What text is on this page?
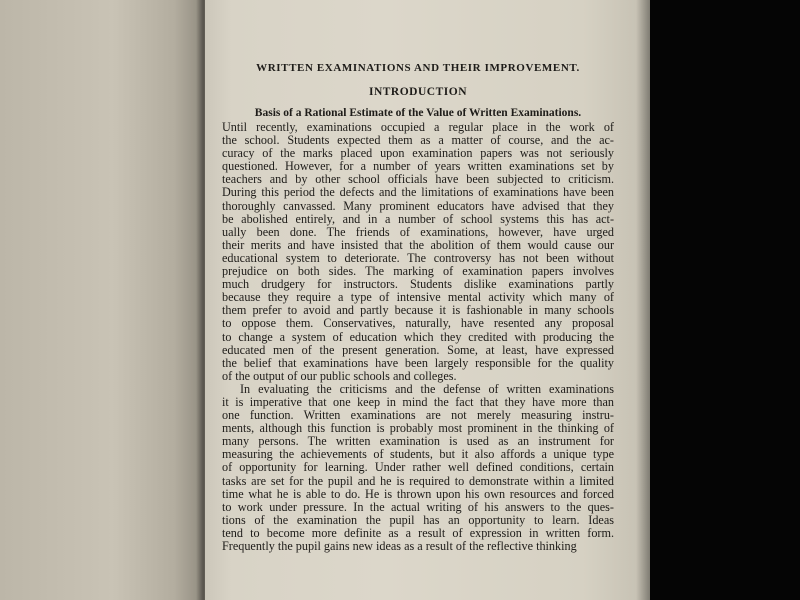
WRITTEN EXAMINATIONS AND THEIR IMPROVEMENT.
INTRODUCTION
Basis of a Rational Estimate of the Value of Written Examinations.
Until recently, examinations occupied a regular place in the work of
the school. Students expected them as a matter of course, and the ac-
curacy of the marks placed upon examination papers was not seriously
questioned. However, for a number of years written examinations set by
teachers and by other school officials have been subjected to criticism.
During this period the defects and the limitations of examinations have been
thoroughly canvassed. Many prominent educators have advised that they
be abolished entirely, and in a number of school systems this has act-
ually been done. The friends of examinations, however, have urged
their merits and have insisted that the abolition of them would cause our
educational system to deteriorate. The controversy has not been without
prejudice on both sides. The marking of examination papers involves
much drudgery for instructors. Students dislike examinations partly
because they require a type of intensive mental activity which many of
them prefer to avoid and partly because it is fashionable in many schools
to oppose them. Conservatives, naturally, have resented any proposal
to change a system of education which they credited with producing the
educated men of the present generation. Some, at least, have expressed
the belief that examinations have been largely responsible for the quality
of the output of our public schools and colleges.
In evaluating the criticisms and the defense of written examinations
it is imperative that one keep in mind the fact that they have more than
one function. Written examinations are not merely measuring instru-
ments, although this function is probably most prominent in the thinking of
many persons. The written examination is used as an instrument for
measuring the achievements of students, but it also affords a unique type
of opportunity for learning. Under rather well defined conditions, certain
tasks are set for the pupil and he is required to demonstrate within a limited
time what he is able to do. He is thrown upon his own resources and forced
to work under pressure. In the actual writing of his answers to the ques-
tions of the examination the pupil has an opportunity to learn. Ideas
tend to become more definite as a result of expression in written form.
Frequently the pupil gains new ideas as a result of the reflective thinking
